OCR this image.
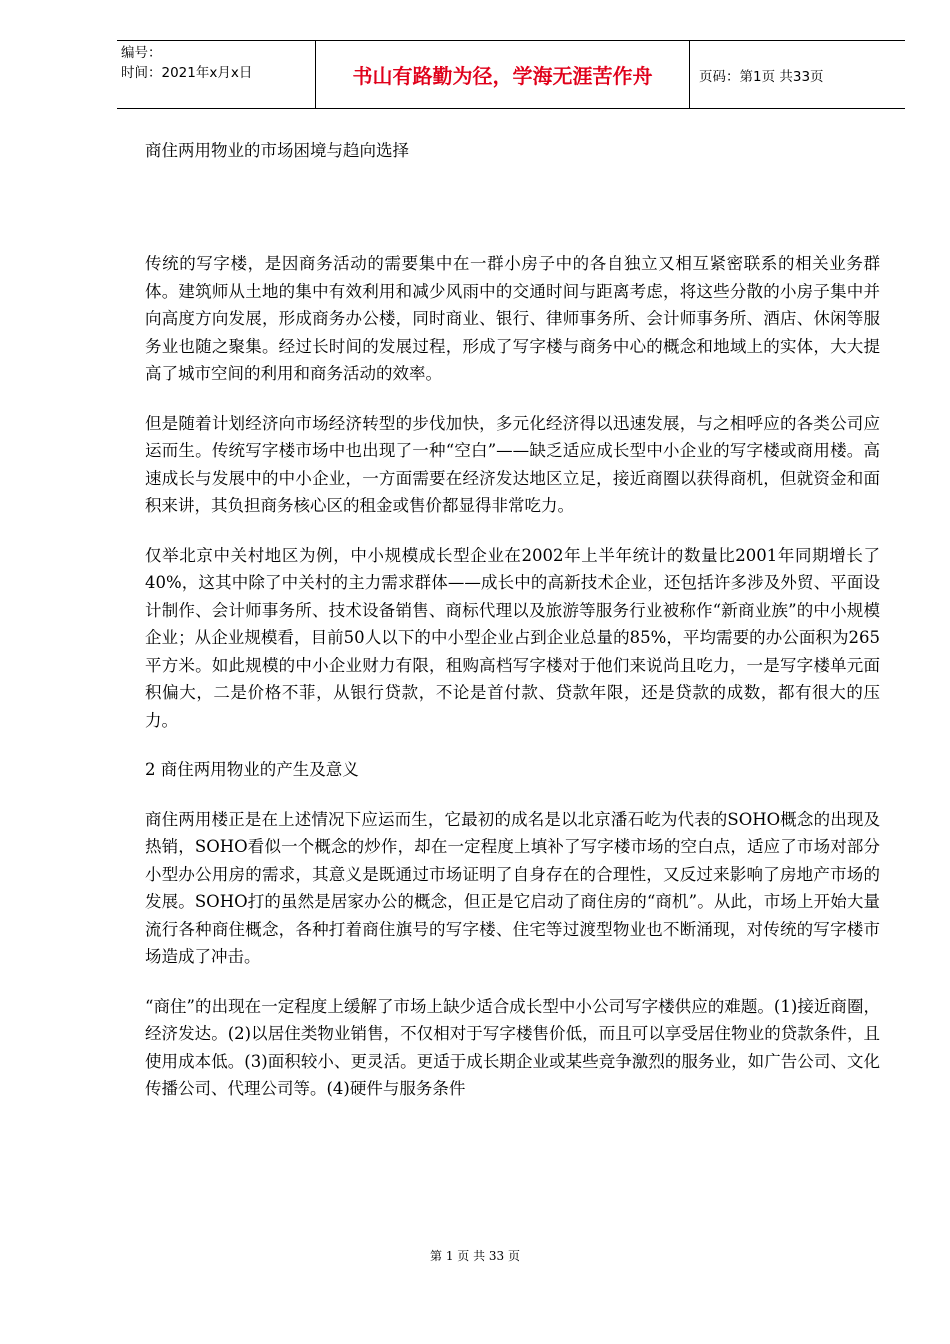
编号：
时间：2021年x月x日	书山有路勤为径，学海无涯苦作舟	页码：第1页 共33页
商住两用物业的市场困境与趋向选择

传统的写字楼，是因商务活动的需要集中在一群小房子中的各自独立又相互紧密联系的相关业务群体。建筑师从土地的集中有效利用和减少风雨中的交通时间与距离考虑，将这些分散的小房子集中并向高度方向发展，形成商务办公楼，同时商业、银行、律师事务所、会计师事务所、酒店、休闲等服务业也随之聚集。经过长时间的发展过程，形成了写字楼与商务中心的概念和地域上的实体，大大提高了城市空间的利用和商务活动的效率。

但是随着计划经济向市场经济转型的步伐加快，多元化经济得以迅速发展，与之相呼应的各类公司应运而生。传统写字楼市场中也出现了一种“空白”——缺乏适应成长型中小企业的写字楼或商用楼。高速成长与发展中的中小企业，一方面需要在经济发达地区立足，接近商圈以获得商机，但就资金和面积来讲，其负担商务核心区的租金或售价都显得非常吃力。

仅举北京中关村地区为例，中小规模成长型企业在2002年上半年统计的数量比2001年同期增长了40%，这其中除了中关村的主力需求群体——成长中的高新技术企业，还包括许多涉及外贸、平面设计制作、会计师事务所、技术设备销售、商标代理以及旅游等服务行业被称作“新商业族”的中小规模企业；从企业规模看，目前50人以下的中小型企业占到企业总量的85%，平均需要的办公面积为265平方米。如此规模的中小企业财力有限，租购高档写字楼对于他们来说尚且吃力，一是写字楼单元面积偏大，二是价格不菲，从银行贷款，不论是首付款、贷款年限，还是贷款的成数，都有很大的压力。

2 商住两用物业的产生及意义

商住两用楼正是在上述情况下应运而生，它最初的成名是以北京潘石屹为代表的SOHO概念的出现及热销，SOHO看似一个概念的炒作，却在一定程度上填补了写字楼市场的空白点，适应了市场对部分小型办公用房的需求，其意义是既通过市场证明了自身存在的合理性，又反过来影响了房地产市场的发展。SOHO打的虽然是居家办公的概念，但正是它启动了商住房的“商机”。从此，市场上开始大量流行各种商住概念，各种打着商住旗号的写字楼、住宅等过渡型物业也不断涌现，对传统的写字楼市场造成了冲击。

“商住”的出现在一定程度上缓解了市场上缺少适合成长型中小公司写字楼供应的难题。(1)接近商圈，经济发达。(2)以居住类物业销售，不仅相对于写字楼售价低，而且可以享受居住物业的贷款条件，且使用成本低。(3)面积较小、更灵活。更适于成长期企业或某些竞争激烈的服务业，如广告公司、文化传播公司、代理公司等。(4)硬件与服务条件

第 1 页 共 33 页
